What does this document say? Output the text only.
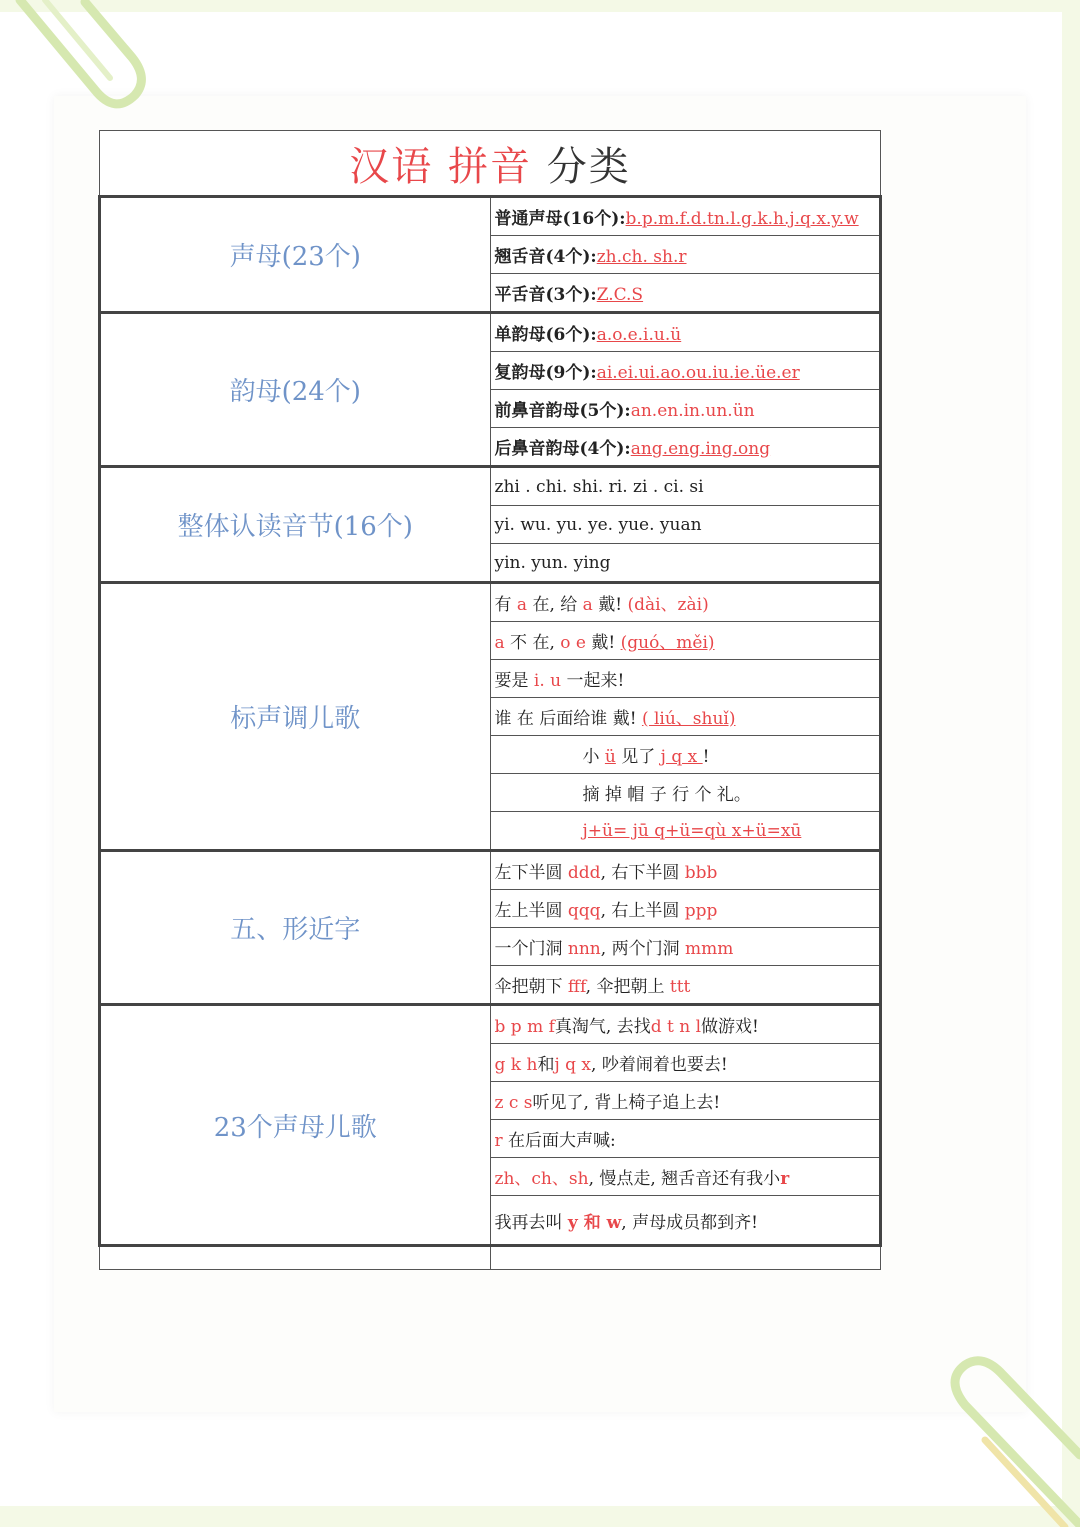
汉语 拼音 分类	
声母(23个)	普通声母(16个):b.p.m.f.d.tn.l.g.k.h.j.q.x.y.w
	翘舌音(4个):zh.ch. sh.r
	平舌音(3个):Z.C.S
韵母(24个)	单韵母(6个):a.o.e.i.u.ü
	复韵母(9个):ai.ei.ui.ao.ou.iu.ie.üe.er
	前鼻音韵母(5个):an.en.in.un.ün
	后鼻音韵母(4个):ang.eng.ing.ong
整体认读音节(16个)	zhi . chi. shi. ri. zi . ci. si
	yi. wu. yu. ye. yue. yuan
	yin. yun. ying
标声调儿歌	有 a 在, 给 a 戴! (dài、zài)
	a 不 在, o e 戴! (guó、měi)
	要是 i. u 一起来!
	谁 在 后面给谁 戴! ( liú、shuǐ)
	小 ü 见了 j q x !
	摘 掉 帽 子 行 个 礼。
	j+ü= jū q+ü=qù x+ü=xū
五、形近字	左下半圆 ddd, 右下半圆 bbb
	左上半圆 qqq, 右上半圆 ppp
	一个门洞 nnn, 两个门洞 mmm
	伞把朝下 fff, 伞把朝上 ttt
23个声母儿歌	b p m f真淘气, 去找d t n l做游戏!
	g k h和j q x, 吵着闹着也要去!
	z c s听见了, 背上椅子追上去!
	r 在后面大声喊:
	zh、ch、sh, 慢点走, 翘舌音还有我小r
	我再去叫 y 和 w, 声母成员都到齐!
